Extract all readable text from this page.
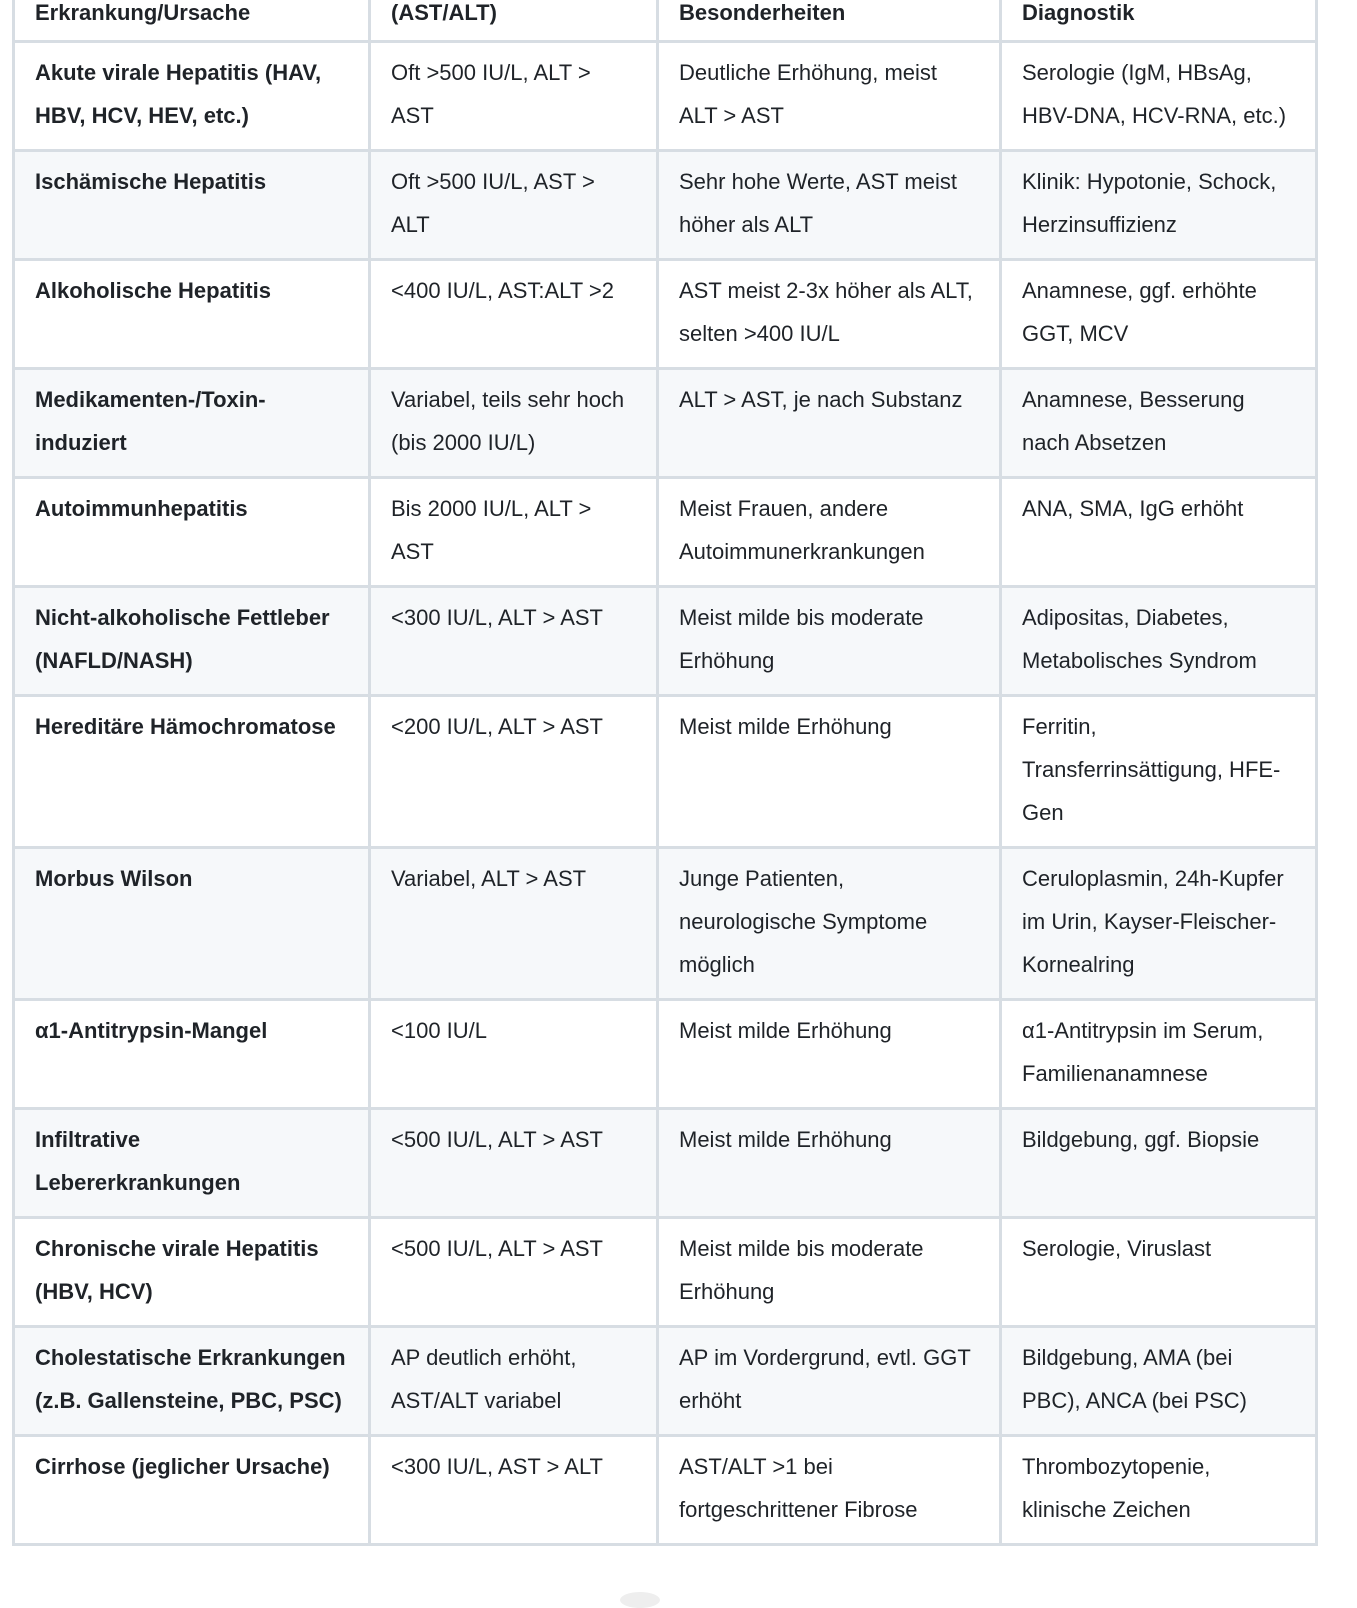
Erkrankung/Ursache	(AST/ALT)	Besonderheiten	Diagnostik

Akute virale Hepatitis (HAV, HBV, HCV, HEV, etc.)	Oft >500 IU/L, ALT > AST	Deutliche Erhöhung, meist ALT > AST	Serologie (IgM, HBsAg, HBV-DNA, HCV-RNA, etc.)
Ischämische Hepatitis	Oft >500 IU/L, AST > ALT	Sehr hohe Werte, AST meist höher als ALT	Klinik: Hypotonie, Schock, Herzinsuffizienz
Alkoholische Hepatitis	<400 IU/L, AST:ALT >2	AST meist 2-3x höher als ALT, selten >400 IU/L	Anamnese, ggf. erhöhte GGT, MCV
Medikamenten-/Toxin-induziert	Variabel, teils sehr hoch (bis 2000 IU/L)	ALT > AST, je nach Substanz	Anamnese, Besserung nach Absetzen
Autoimmunhepatitis	Bis 2000 IU/L, ALT > AST	Meist Frauen, andere Autoimmunerkrankungen	ANA, SMA, IgG erhöht
Nicht-alkoholische Fettleber (NAFLD/NASH)	<300 IU/L, ALT > AST	Meist milde bis moderate Erhöhung	Adipositas, Diabetes, Metabolisches Syndrom
Hereditäre Hämochromatose	<200 IU/L, ALT > AST	Meist milde Erhöhung	Ferritin, Transferrinsättigung, HFE-Gen
Morbus Wilson	Variabel, ALT > AST	Junge Patienten, neurologische Symptome möglich	Ceruloplasmin, 24h-Kupfer im Urin, Kayser-Fleischer-Kornealring
α1-Antitrypsin-Mangel	<100 IU/L	Meist milde Erhöhung	α1-Antitrypsin im Serum, Familienanamnese
Infiltrative Lebererkrankungen	<500 IU/L, ALT > AST	Meist milde Erhöhung	Bildgebung, ggf. Biopsie
Chronische virale Hepatitis (HBV, HCV)	<500 IU/L, ALT > AST	Meist milde bis moderate Erhöhung	Serologie, Viruslast
Cholestatische Erkrankungen (z.B. Gallensteine, PBC, PSC)	AP deutlich erhöht, AST/ALT variabel	AP im Vordergrund, evtl. GGT erhöht	Bildgebung, AMA (bei PBC), ANCA (bei PSC)
Cirrhose (jeglicher Ursache)	<300 IU/L, AST > ALT	AST/ALT >1 bei fortgeschrittener Fibrose	Thrombozytopenie, klinische Zeichen
